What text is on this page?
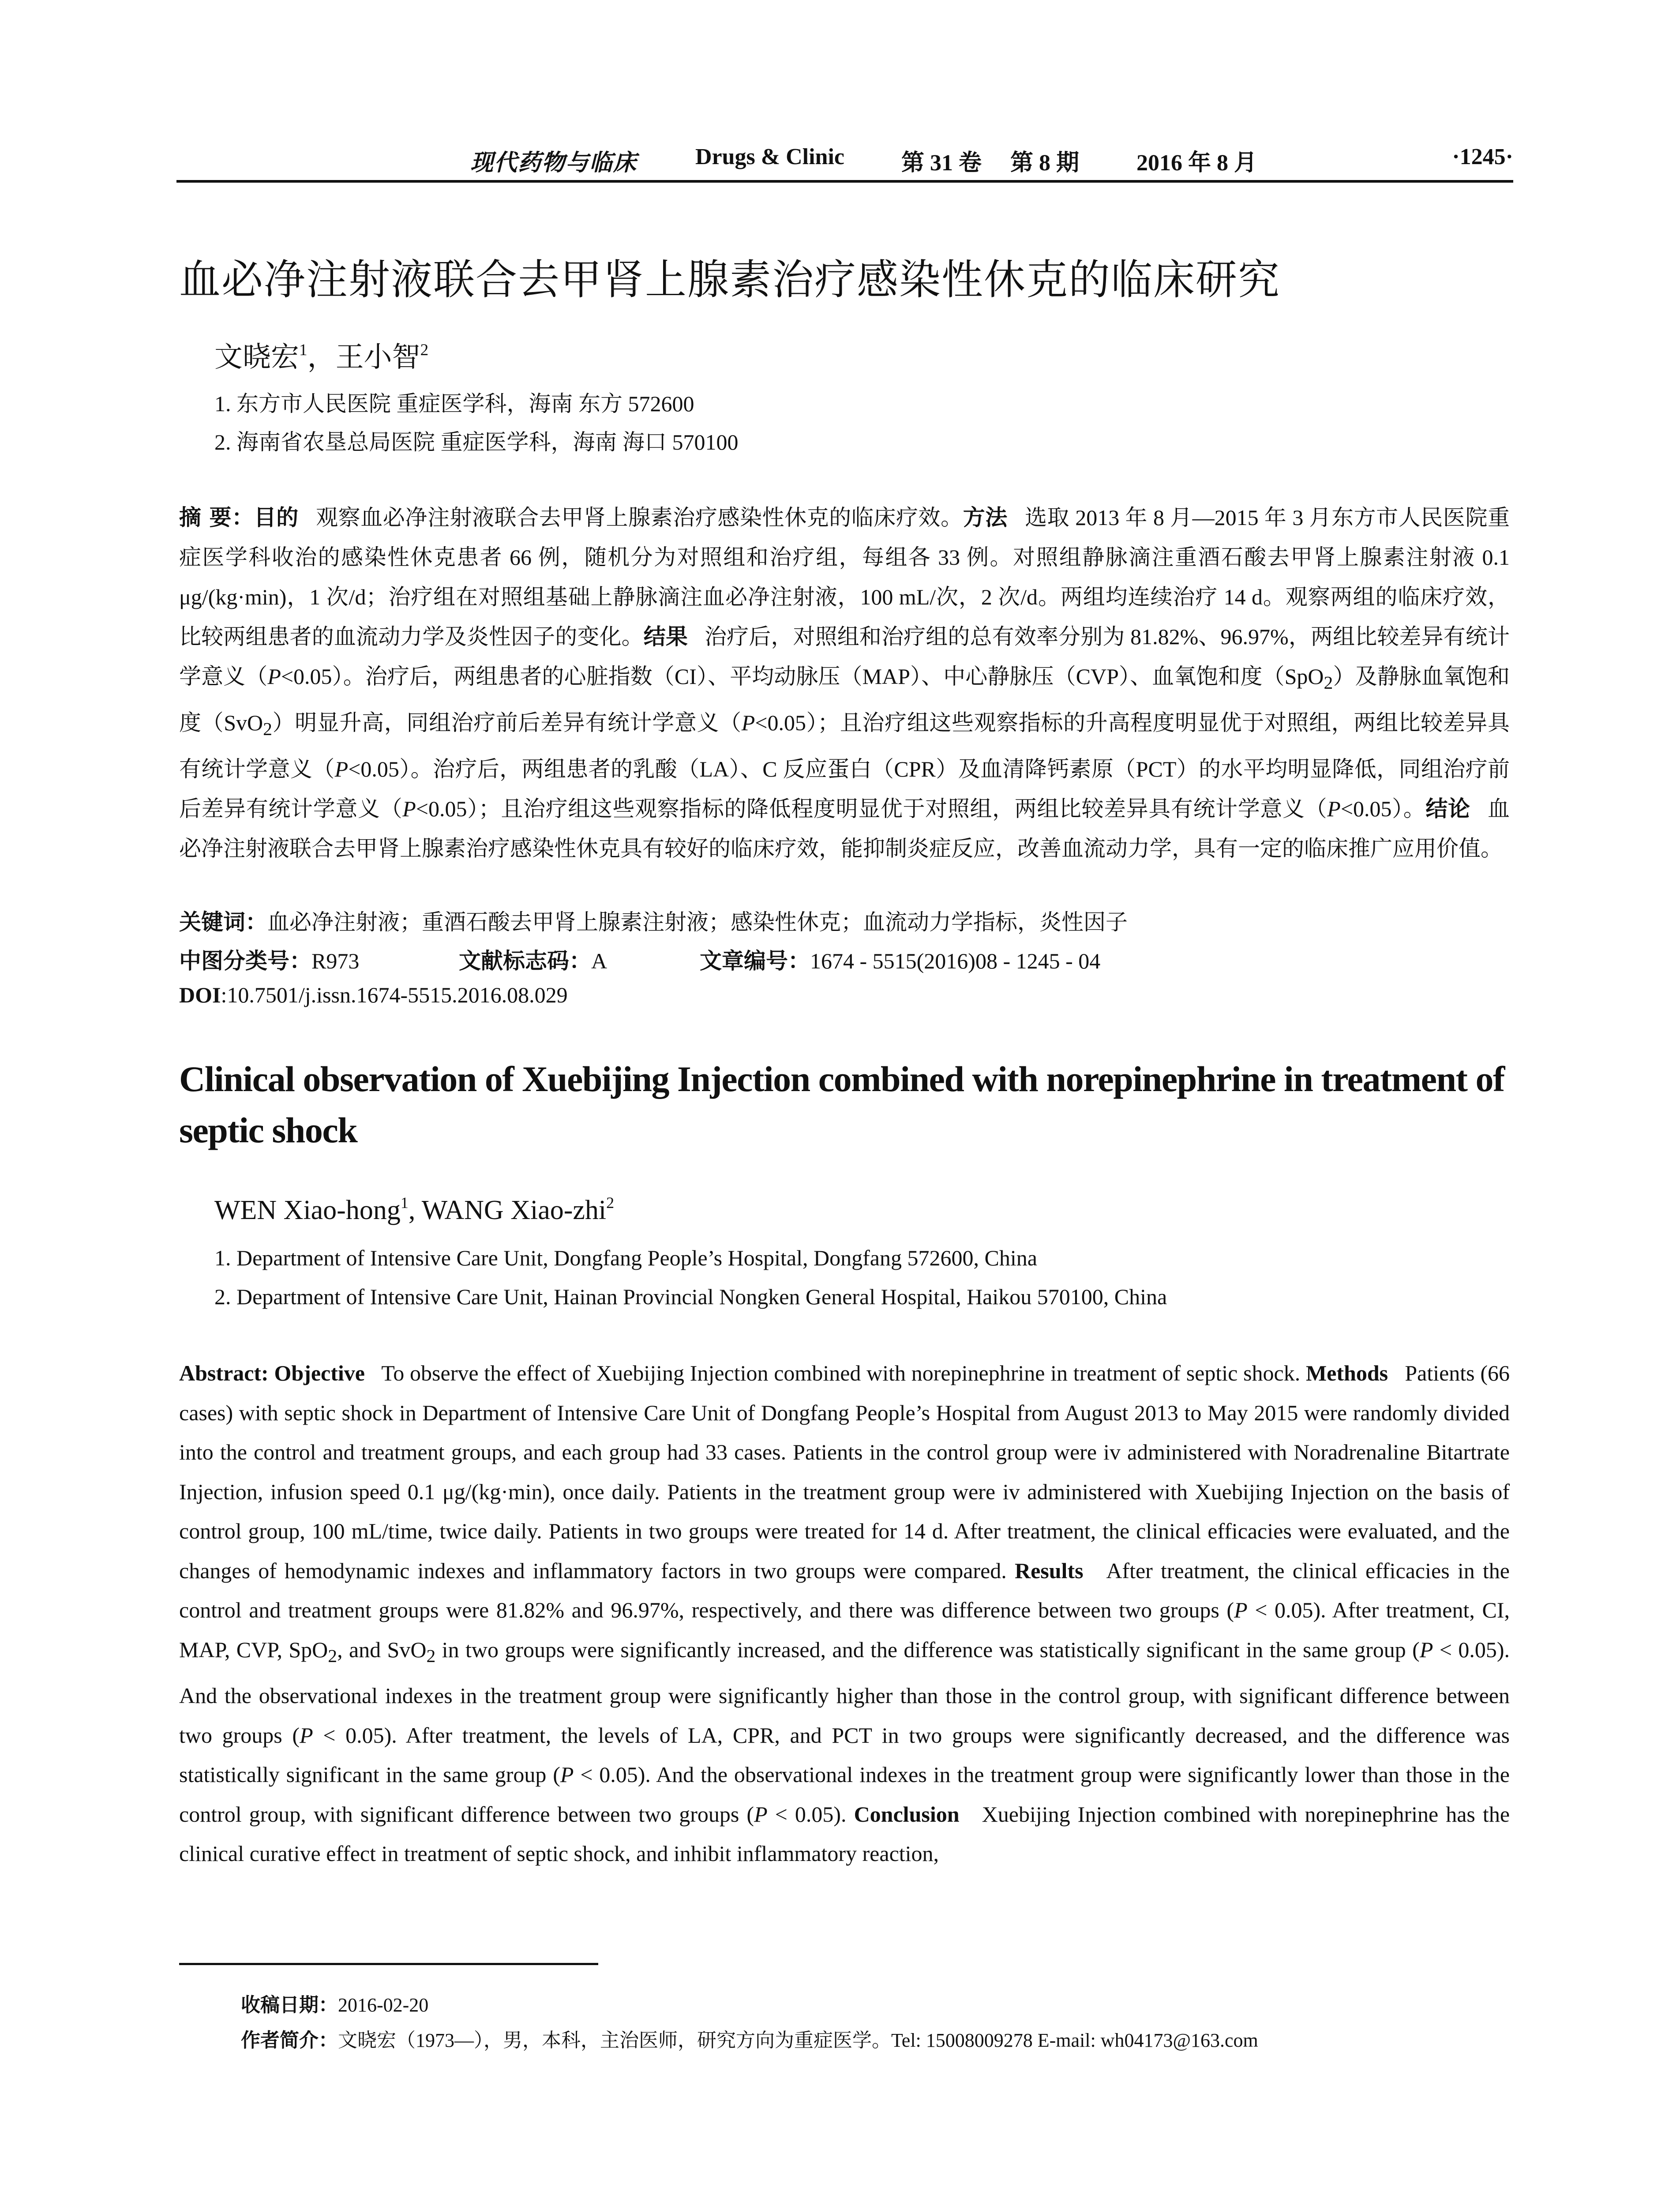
现代药物与临床	Drugs & Clinic 第 31 卷 第 8 期 2016 年 8 月	·1245·
血必净注射液联合去甲肾上腺素治疗感染性休克的临床研究
文晓宏$^1$，王小智$^2$
1. 东方市人民医院 重症医学科，海南 东方 572600
2. 海南省农垦总局医院 重症医学科，海南 海口 570100
摘 要：目的 观察血必净注射液联合去甲肾上腺素治疗感染性休克的临床疗效。方法 选取 2013 年 8 月—2015 年 3 月东方市人民医院重症医学科收治的感染性休克患者 66 例，随机分为对照组和治疗组，每组各 33 例。对照组静脉滴注重酒石酸去甲肾上腺素注射液 0.1 μg/(kg·min)，1 次/d；治疗组在对照组基础上静脉滴注血必净注射液，100 mL/次，2 次/d。两组均连续治疗 14 d。观察两组的临床疗效，比较两组患者的血流动力学及炎性因子的变化。结果 治疗后，对照组和治疗组的总有效率分别为 81.82%、96.97%，两组比较差异有统计学意义（P<0.05）。治疗后，两组患者的心脏指数（CI）、平均动脉压（MAP）、中心静脉压（CVP）、血氧饱和度（SpO$_2$）及静脉血氧饱和度（SvO$_2$）明显升高，同组治疗前后差异有统计学意义（P<0.05）；且治疗组这些观察指标的升高程度明显优于对照组，两组比较差异具有统计学意义（P<0.05）。治疗后，两组患者的乳酸（LA）、C 反应蛋白（CPR）及血清降钙素原（PCT）的水平均明显降低，同组治疗前后差异有统计学意义（P<0.05）；且治疗组这些观察指标的降低程度明显优于对照组，两组比较差异具有统计学意义（P<0.05）。结论 血必净注射液联合去甲肾上腺素治疗感染性休克具有较好的临床疗效，能抑制炎症反应，改善血流动力学，具有一定的临床推广应用价值。
关键词：血必净注射液；重酒石酸去甲肾上腺素注射液；感染性休克；血流动力学指标，炎性因子
中图分类号：R973	文献标志码：A	文章编号：1674 - 5515(2016)08 - 1245 - 04
DOI:10.7501/j.issn.1674-5515.2016.08.029
Clinical observation of Xuebijing Injection combined with norepinephrine in treatment of septic shock
WEN Xiao-hong$^1$, WANG Xiao-zhi$^2$
1. Department of Intensive Care Unit, Dongfang People’s Hospital, Dongfang 572600, China
2. Department of Intensive Care Unit, Hainan Provincial Nongken General Hospital, Haikou 570100, China
Abstract: Objective To observe the effect of Xuebijing Injection combined with norepinephrine in treatment of septic shock. Methods Patients (66 cases) with septic shock in Department of Intensive Care Unit of Dongfang People’s Hospital from August 2013 to May 2015 were randomly divided into the control and treatment groups, and each group had 33 cases. Patients in the control group were iv administered with Noradrenaline Bitartrate Injection, infusion speed 0.1 μg/(kg·min), once daily. Patients in the treatment group were iv administered with Xuebijing Injection on the basis of control group, 100 mL/time, twice daily. Patients in two groups were treated for 14 d. After treatment, the clinical efficacies were evaluated, and the changes of hemodynamic indexes and inflammatory factors in two groups were compared. Results After treatment, the clinical efficacies in the control and treatment groups were 81.82% and 96.97%, respectively, and there was difference between two groups (P < 0.05). After treatment, CI, MAP, CVP, SpO$_2$, and SvO$_2$ in two groups were significantly increased, and the difference was statistically significant in the same group (P < 0.05). And the observational indexes in the treatment group were significantly higher than those in the control group, with significant difference between two groups (P < 0.05). After treatment, the levels of LA, CPR, and PCT in two groups were significantly decreased, and the difference was statistically significant in the same group (P < 0.05). And the observational indexes in the treatment group were significantly lower than those in the control group, with significant difference between two groups (P < 0.05). Conclusion Xuebijing Injection combined with norepinephrine has the clinical curative effect in treatment of septic shock, and inhibit inflammatory reaction,
收稿日期：2016-02-20
作者简介：文晓宏（1973—），男，本科，主治医师，研究方向为重症医学。Tel: 15008009278 E-mail: wh04173@163.com
